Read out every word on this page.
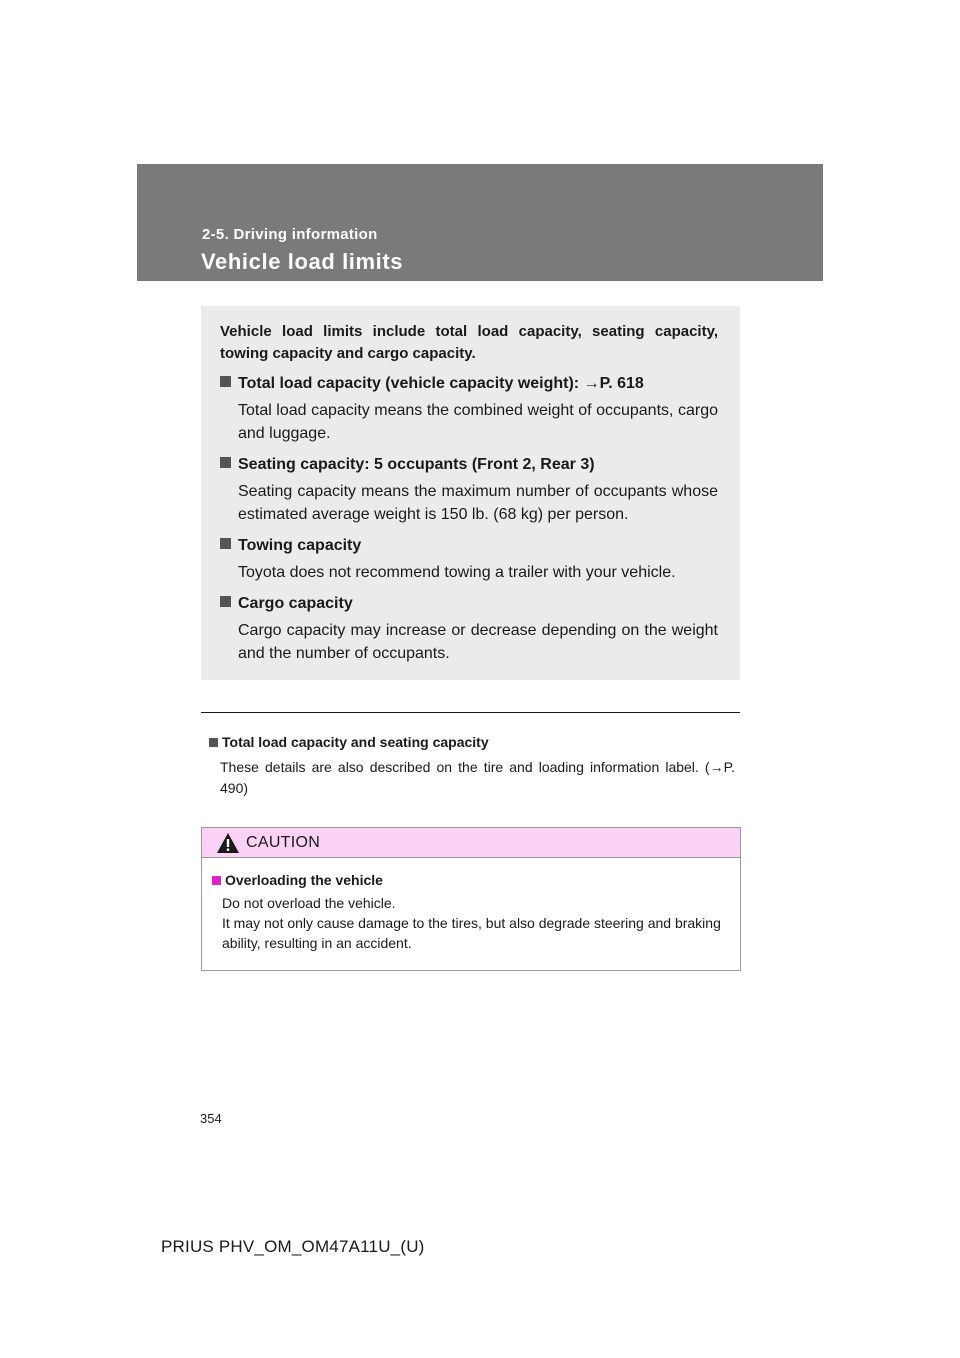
2-5. Driving information
Vehicle load limits
Vehicle load limits include total load capacity, seating capacity, towing capacity and cargo capacity.
Total load capacity (vehicle capacity weight): →P. 618
Total load capacity means the combined weight of occupants, cargo and luggage.
Seating capacity: 5 occupants (Front 2, Rear 3)
Seating capacity means the maximum number of occupants whose estimated average weight is 150 lb. (68 kg) per person.
Towing capacity
Toyota does not recommend towing a trailer with your vehicle.
Cargo capacity
Cargo capacity may increase or decrease depending on the weight and the number of occupants.
Total load capacity and seating capacity
These details are also described on the tire and loading information label. (→P. 490)
CAUTION
Overloading the vehicle
Do not overload the vehicle.
It may not only cause damage to the tires, but also degrade steering and braking ability, resulting in an accident.
354
PRIUS PHV_OM_OM47A11U_(U)
